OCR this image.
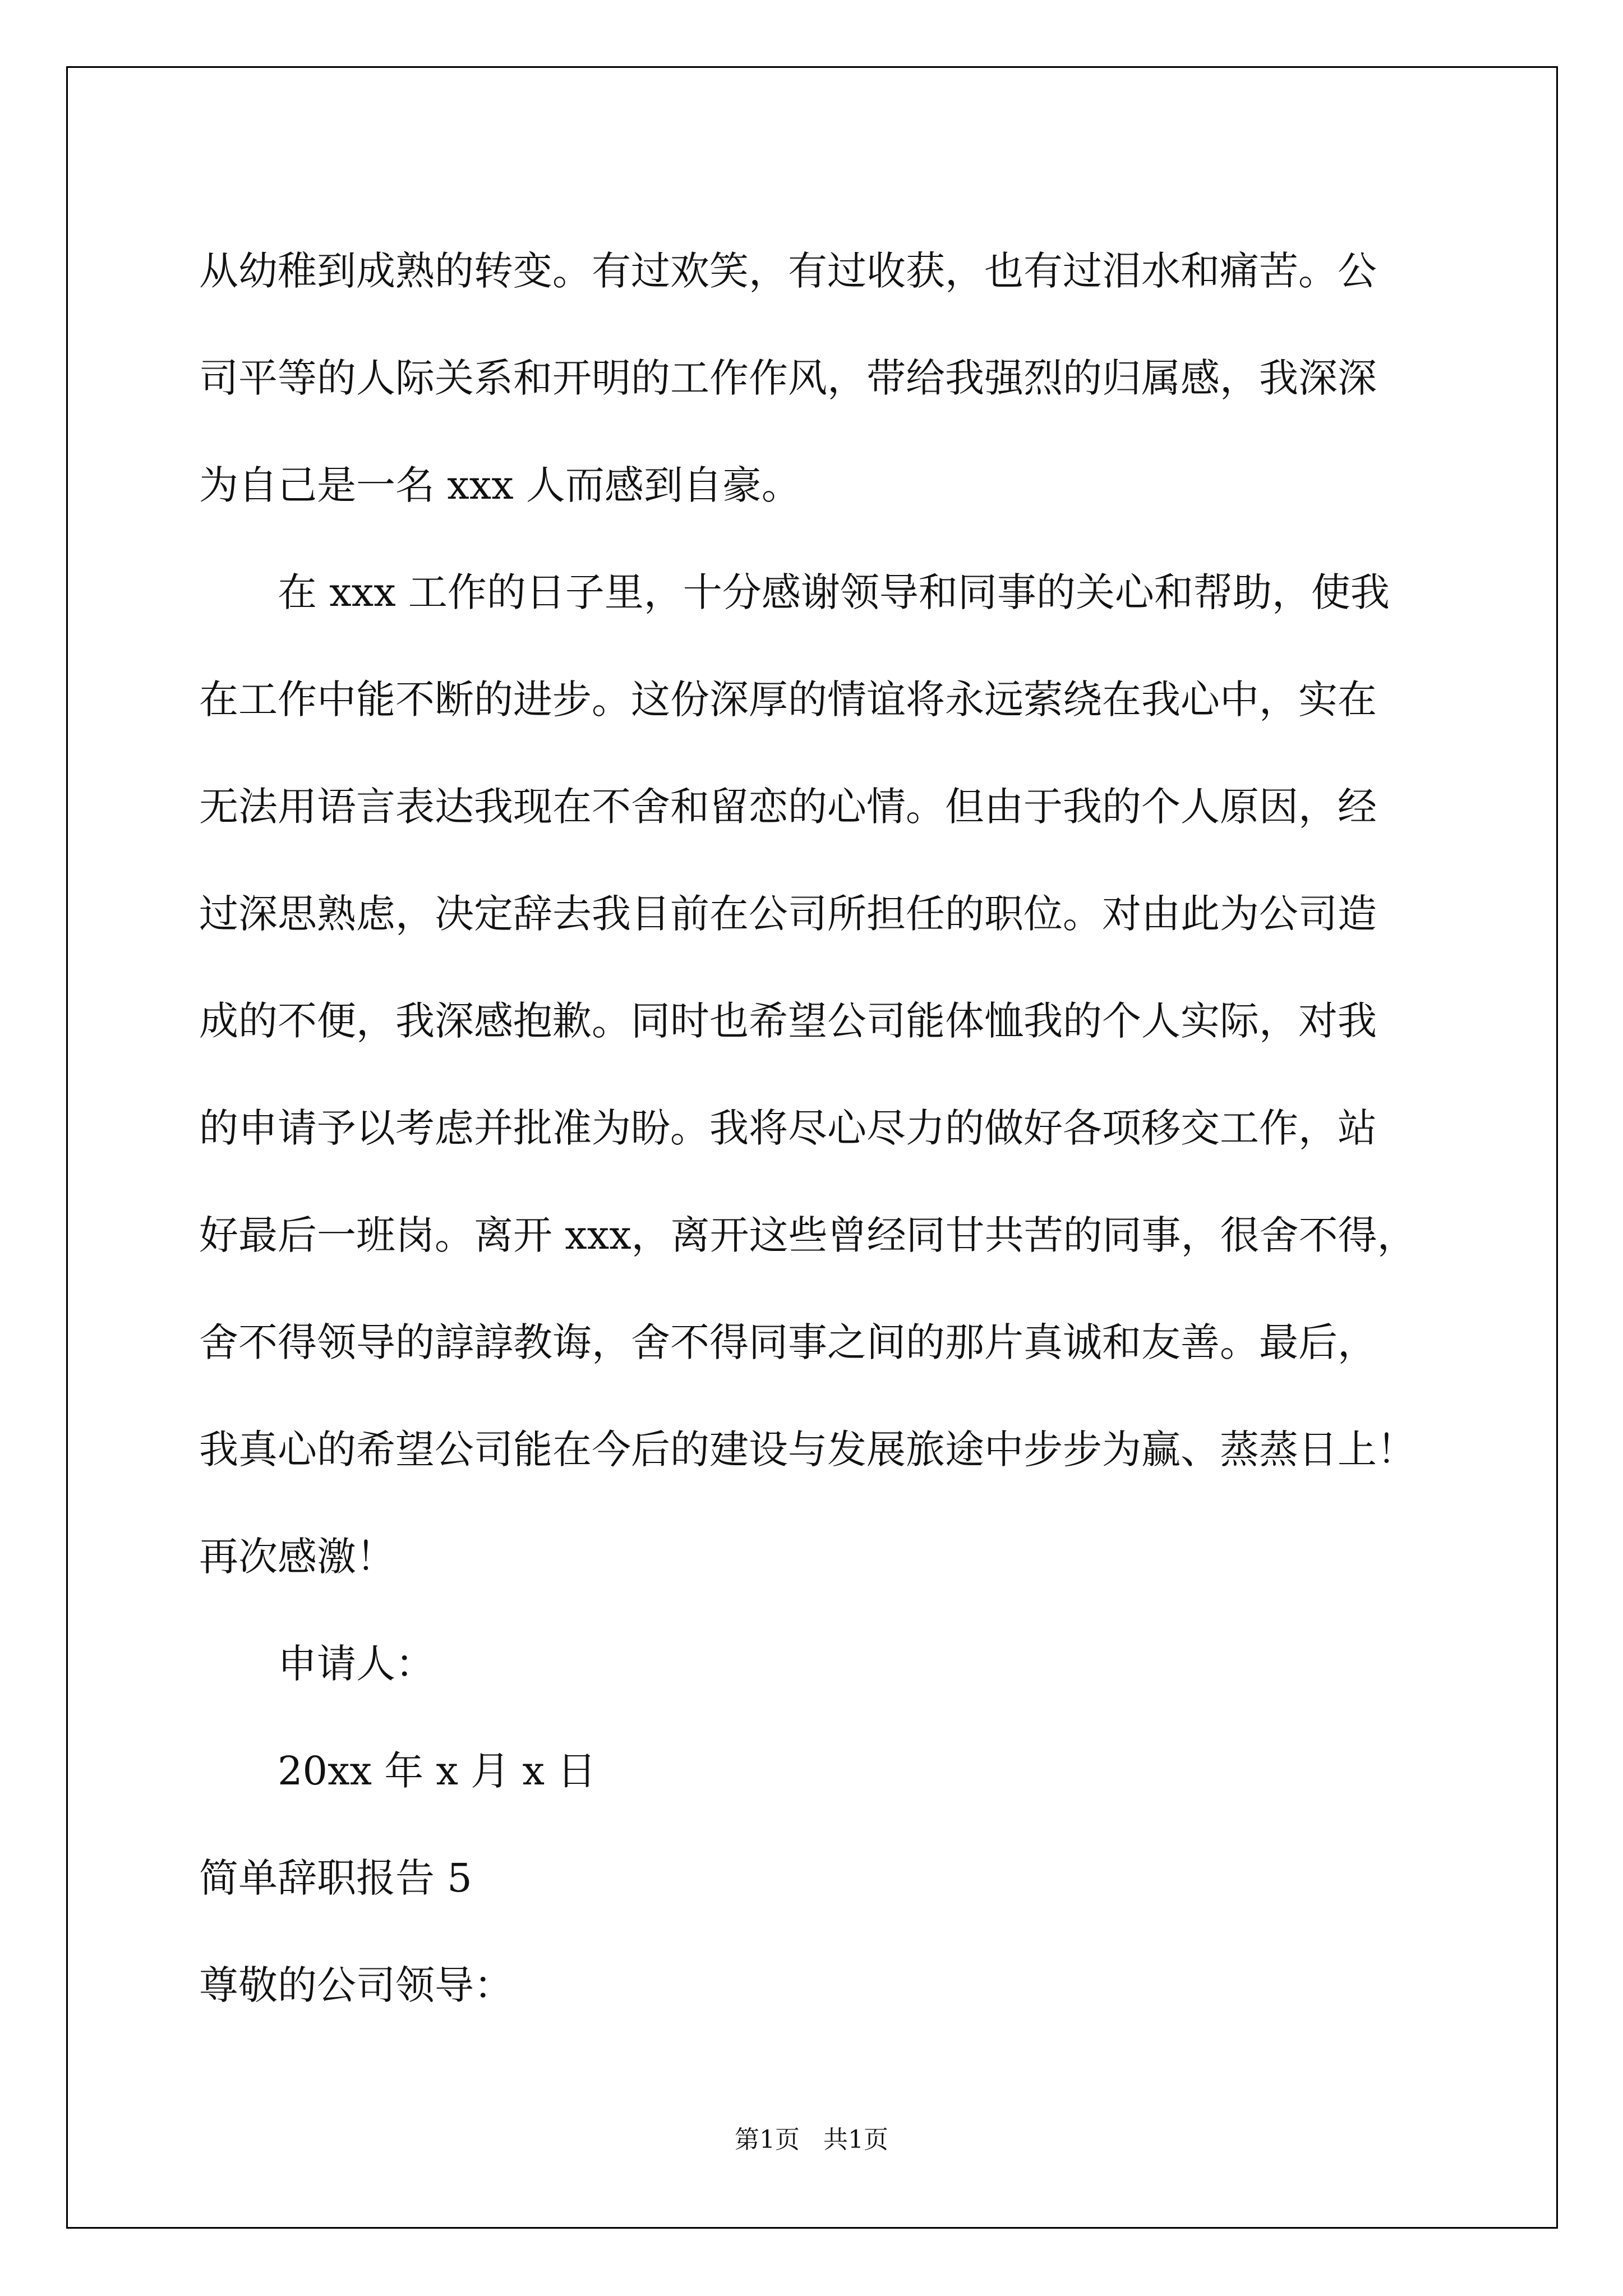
从幼稚到成熟的转变。有过欢笑，有过收获，也有过泪水和痛苦。公
司平等的人际关系和开明的工作作风，带给我强烈的归属感，我深深
为自己是一名 xxx 人而感到自豪。
在 xxx 工作的日子里，十分感谢领导和同事的关心和帮助，使我
在工作中能不断的进步。这份深厚的情谊将永远萦绕在我心中，实在
无法用语言表达我现在不舍和留恋的心情。但由于我的个人原因，经
过深思熟虑，决定辞去我目前在公司所担任的职位。对由此为公司造
成的不便，我深感抱歉。同时也希望公司能体恤我的个人实际，对我
的申请予以考虑并批准为盼。我将尽心尽力的做好各项移交工作，站
好最后一班岗。离开 xxx，离开这些曾经同甘共苦的同事，很舍不得，
舍不得领导的諄諄教诲，舍不得同事之间的那片真诚和友善。最后，
我真心的希望公司能在今后的建设与发展旅途中步步为赢、蒸蒸日上！
再次感激！
申请人：
20xx 年 x 月 x 日
简单辞职报告 5
尊敬的公司领导：
第1页   共1页
